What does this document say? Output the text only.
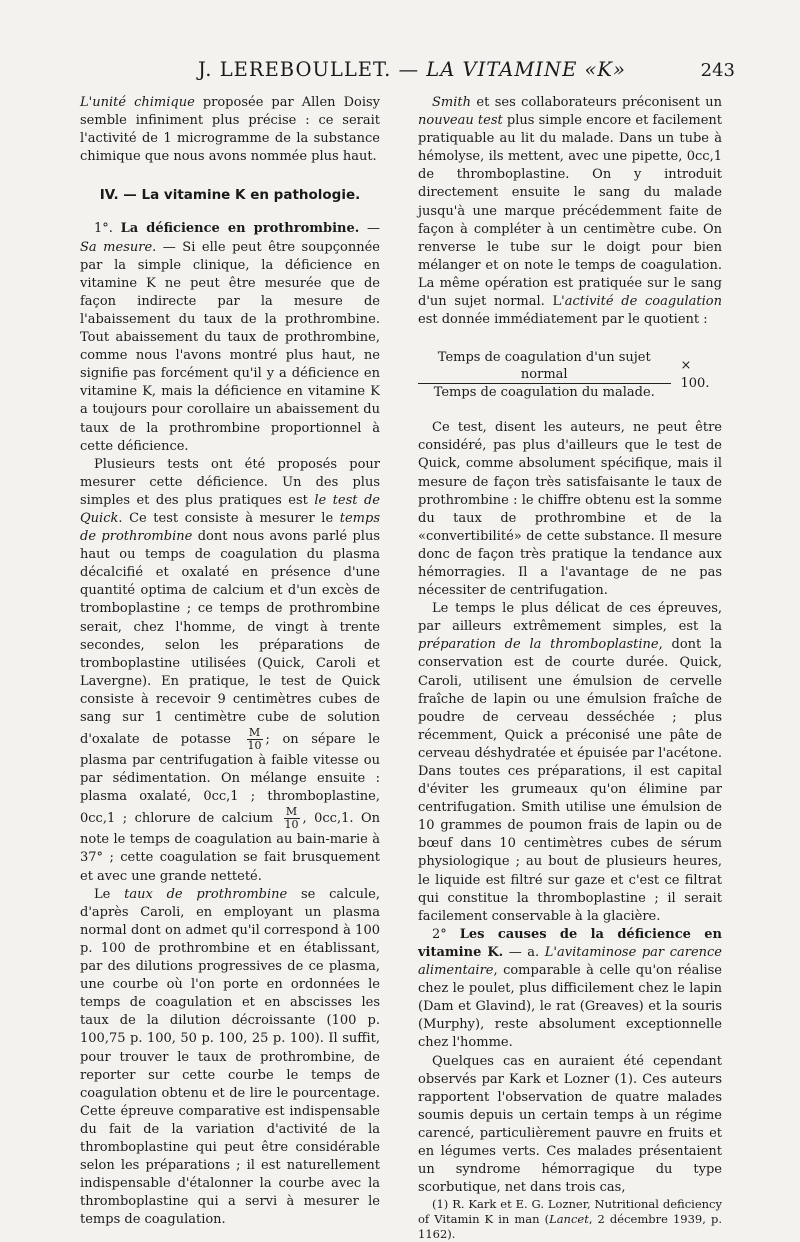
J. LEREBOULLET. — LA VITAMINE «K»	243

L'unité chimique proposée par Allen Doisy semble infiniment plus précise : ce serait l'activité de 1 microgramme de la substance chimique que nous avons nommée plus haut.

IV. — La vitamine K en pathologie.

1°. La déficience en prothrombine. — Sa mesure. — Si elle peut être soupçonnée par la simple clinique, la déficience en vitamine K ne peut être mesurée que de façon indirecte par la mesure de l'abaissement du taux de la prothrombine. Tout abaissement du taux de prothrombine, comme nous l'avons montré plus haut, ne signifie pas forcément qu'il y a déficience en vitamine K, mais la déficience en vitamine K a toujours pour corollaire un abaissement du taux de la prothrombine proportionnel à cette déficience.

Plusieurs tests ont été proposés pour mesurer cette déficience. Un des plus simples et des plus pratiques est le test de Quick. Ce test consiste à mesurer le temps de prothrombine dont nous avons parlé plus haut ou temps de coagulation du plasma décalcifié et oxalaté en présence d'une quantité optima de calcium et d'un excès de tromboplastine ; ce temps de prothrombine serait, chez l'homme, de vingt à trente secondes, selon les préparations de tromboplastine utilisées (Quick, Caroli et Lavergne). En pratique, le test de Quick consiste à recevoir 9 centimètres cubes de sang sur 1 centimètre cube de solution d'oxalate de potasse $\frac{M}{10}$ ; on sépare le plasma par centrifugation à faible vitesse ou par sédimentation. On mélange ensuite : plasma oxalaté, 0cc,1 ; thromboplastine, 0cc,1 ; chlorure de calcium $\frac{M}{10}$ , 0cc,1. On note le temps de coagulation au bain-marie à 37° ; cette coagulation se fait brusquement et avec une grande netteté.

Le taux de prothrombine se calcule, d'après Caroli, en employant un plasma normal dont on admet qu'il correspond à 100 p. 100 de prothrombine et en établissant, par des dilutions progressives de ce plasma, une courbe où l'on porte en ordonnées le temps de coagulation et en abscisses les taux de la dilution décroissante (100 p. 100,75 p. 100, 50 p. 100, 25 p. 100). Il suffit, pour trouver le taux de prothrombine, de reporter sur cette courbe le temps de coagulation obtenu et de lire le pourcentage. Cette épreuve comparative est indispensable du fait de la variation d'activité de la thromboplastine qui peut être considérable selon les préparations ; il est naturellement indispensable d'étalonner la courbe avec la thromboplastine qui a servi à mesurer le temps de coagulation.

Smith et ses collaborateurs préconisent un nouveau test plus simple encore et facilement pratiquable au lit du malade. Dans un tube à hémolyse, ils mettent, avec une pipette, 0cc,1 de thromboplastine. On y introduit directement ensuite le sang du malade jusqu'à une marque précédemment faite de façon à compléter à un centimètre cube. On renverse le tube sur le doigt pour bien mélanger et on note le temps de coagulation. La même opération est pratiquée sur le sang d'un sujet normal. L'activité de coagulation est donnée immédiatement par le quotient :

$\frac{\text{Temps de coagulation d'un sujet normal}}{\text{Temps de coagulation du malade.}} \times 100$.

Ce test, disent les auteurs, ne peut être considéré, pas plus d'ailleurs que le test de Quick, comme absolument spécifique, mais il mesure de façon très satisfaisante le taux de prothrombine : le chiffre obtenu est la somme du taux de prothrombine et de la «convertibilité» de cette substance. Il mesure donc de façon très pratique la tendance aux hémorragies. Il a l'avantage de ne pas nécessiter de centrifugation.

Le temps le plus délicat de ces épreuves, par ailleurs extrêmement simples, est la préparation de la thromboplastine, dont la conservation est de courte durée. Quick, Caroli, utilisent une émulsion de cervelle fraîche de lapin ou une émulsion fraîche de poudre de cerveau desséchée ; plus récemment, Quick a préconisé une pâte de cerveau déshydratée et épuisée par l'acétone. Dans toutes ces préparations, il est capital d'éviter les grumeaux qu'on élimine par centrifugation. Smith utilise une émulsion de 10 grammes de poumon frais de lapin ou de bœuf dans 10 centimètres cubes de sérum physiologique ; au bout de plusieurs heures, le liquide est filtré sur gaze et c'est ce filtrat qui constitue la thromboplastine ; il serait facilement conservable à la glacière.

2° Les causes de la déficience en vitamine K. — a. L'avitaminose par carence alimentaire, comparable à celle qu'on réalise chez le poulet, plus difficilement chez le lapin (Dam et Glavind), le rat (Greaves) et la souris (Murphy), reste absolument exceptionnelle chez l'homme.

Quelques cas en auraient été cependant observés par Kark et Lozner (1). Ces auteurs rapportent l'observation de quatre malades soumis depuis un certain temps à un régime carencé, particulièrement pauvre en fruits et en légumes verts. Ces malades présentaient un syndrome hémorragique du type scorbutique, net dans trois cas,

(1) R. Kark et E. G. Lozner, Nutritional deficiency of Vitamin K in man (Lancet, 2 décembre 1939, p. 1162).
